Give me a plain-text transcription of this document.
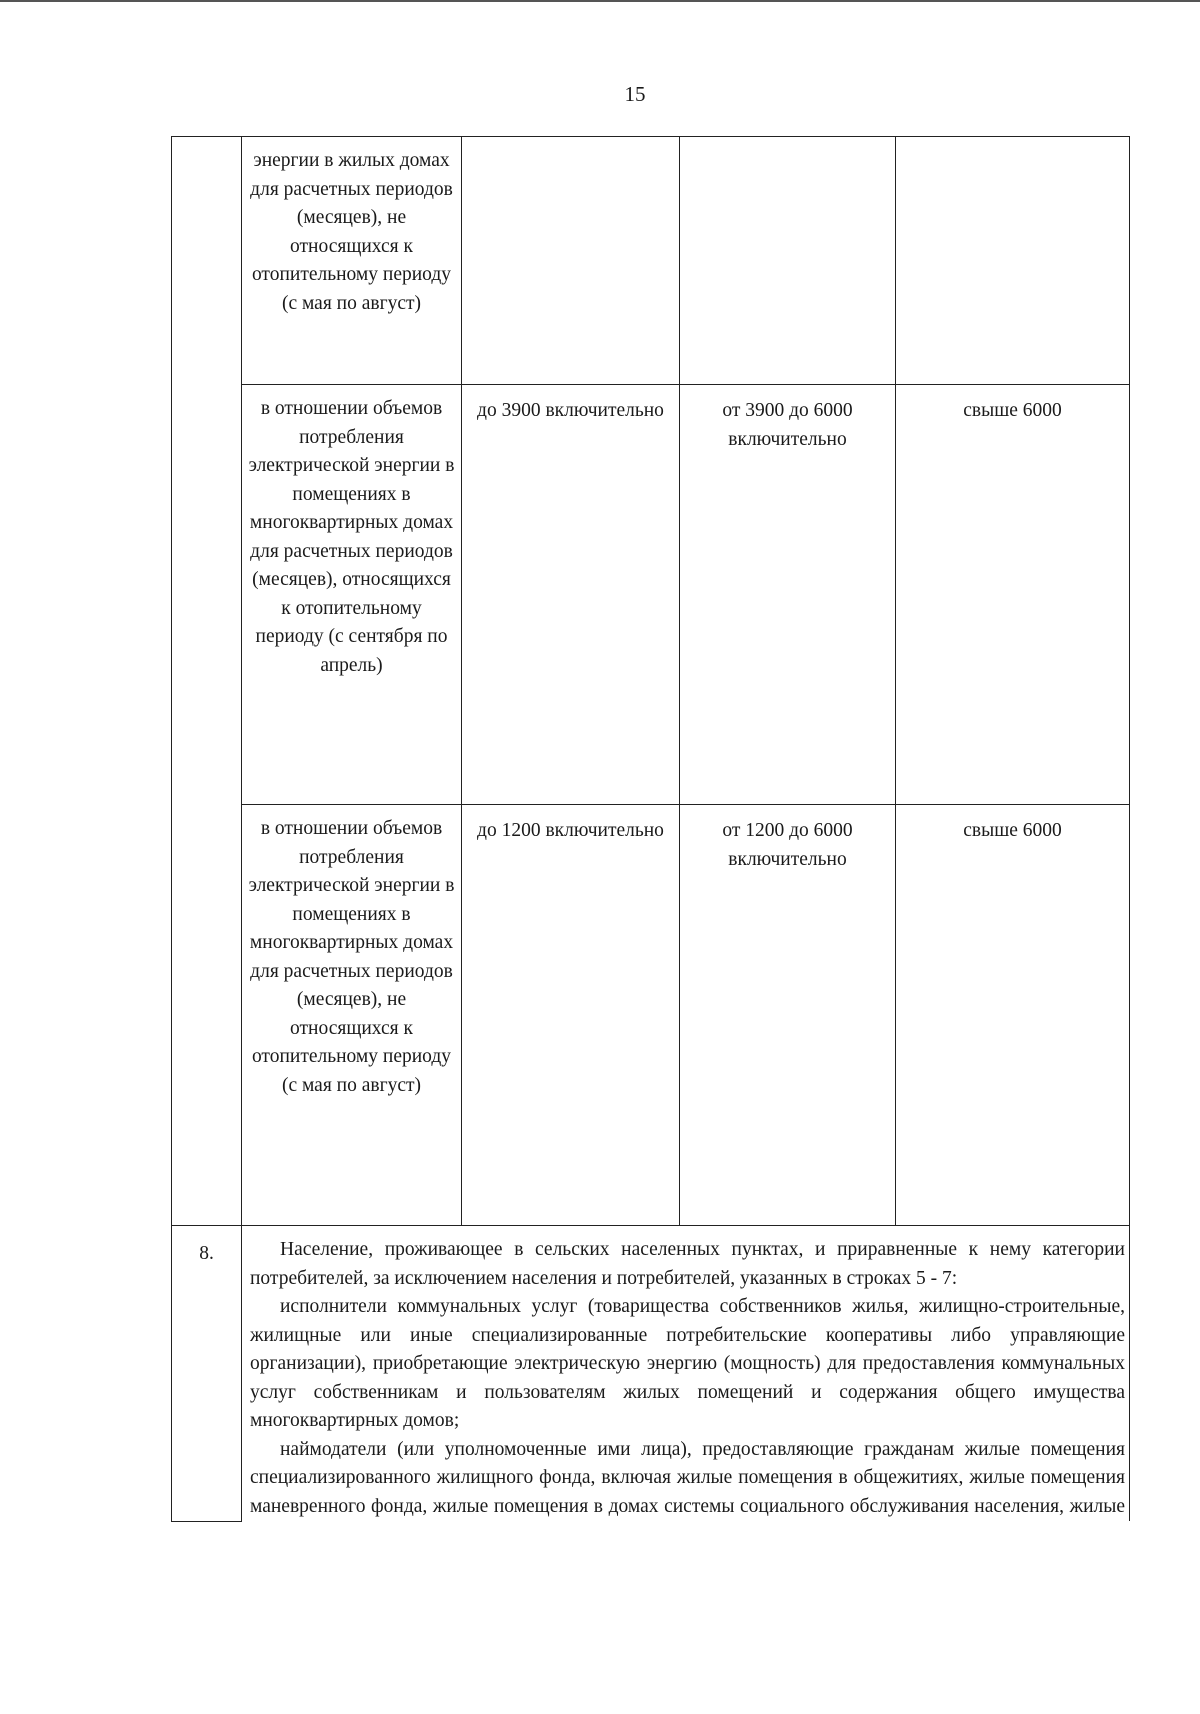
15
	энергии в жилых домах для расчетных периодов (месяцев), не относящихся к отопительному периоду (с мая по август)			
	в отношении объемов потребления электрической энергии в помещениях в многоквартирных домах для расчетных периодов (месяцев), относящихся к отопительному периоду (с сентября по апрель)	до 3900 включительно	от 3900 до 6000 включительно	свыше 6000
	в отношении объемов потребления электрической энергии в помещениях в многоквартирных домах для расчетных периодов (месяцев), не относящихся к отопительному периоду (с мая по август)	до 1200 включительно	от 1200 до 6000 включительно	свыше 6000
8.	Население, проживающее в сельских населенных пунктах, и приравненные к нему категории потребителей, за исключением населения и потребителей, указанных в строках 5 - 7:

исполнители коммунальных услуг (товарищества собственников жилья, жилищно-строительные, жилищные или иные специализированные потребительские кооперативы либо управляющие организации), приобретающие электрическую энергию (мощность) для предоставления коммунальных услуг собственникам и пользователям жилых помещений и содержания общего имущества многоквартирных домов;

наймодатели (или уполномоченные ими лица), предоставляющие гражданам жилые помещения специализированного жилищного фонда, включая жилые помещения в общежитиях, жилые помещения маневренного фонда, жилые помещения в домах системы социального обслуживания населения, жилые			
